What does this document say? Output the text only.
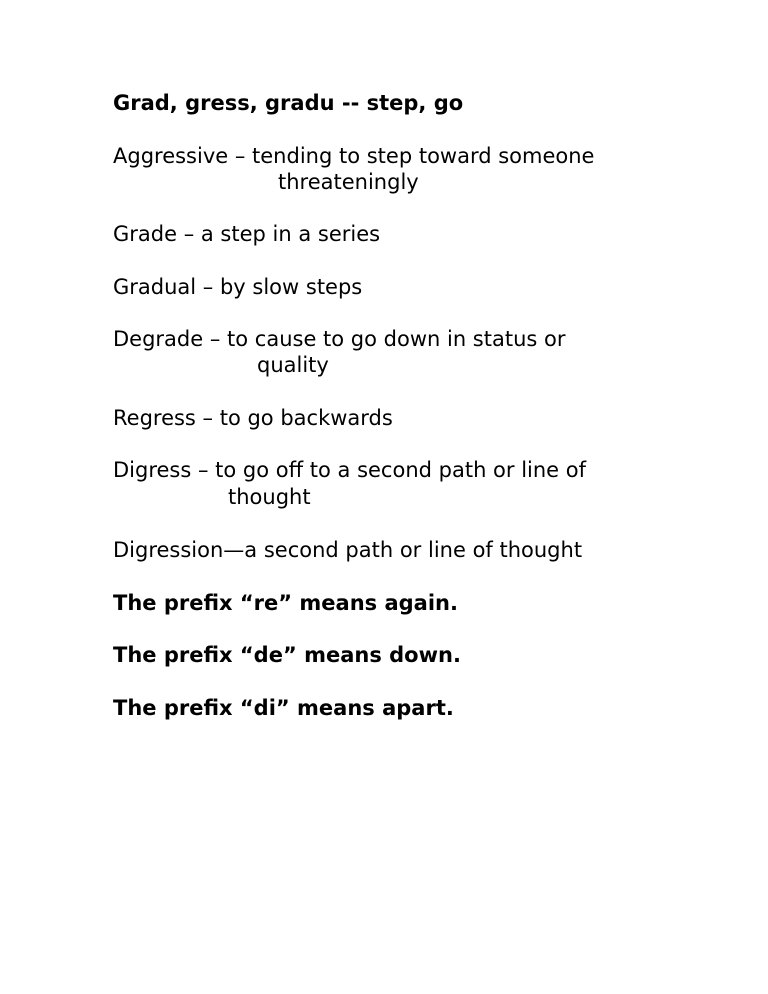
Grad, gress, gradu -- step, go

Aggressive – tending to step toward someone

threateningly

Grade – a step in a series

Gradual – by slow steps

Degrade – to cause to go down in status or

quality

Regress – to go backwards

Digress – to go off to a second path or line of

thought

Digression—a second path or line of thought

The prefix “re” means again.

The prefix “de” means down.

The prefix “di” means apart.
